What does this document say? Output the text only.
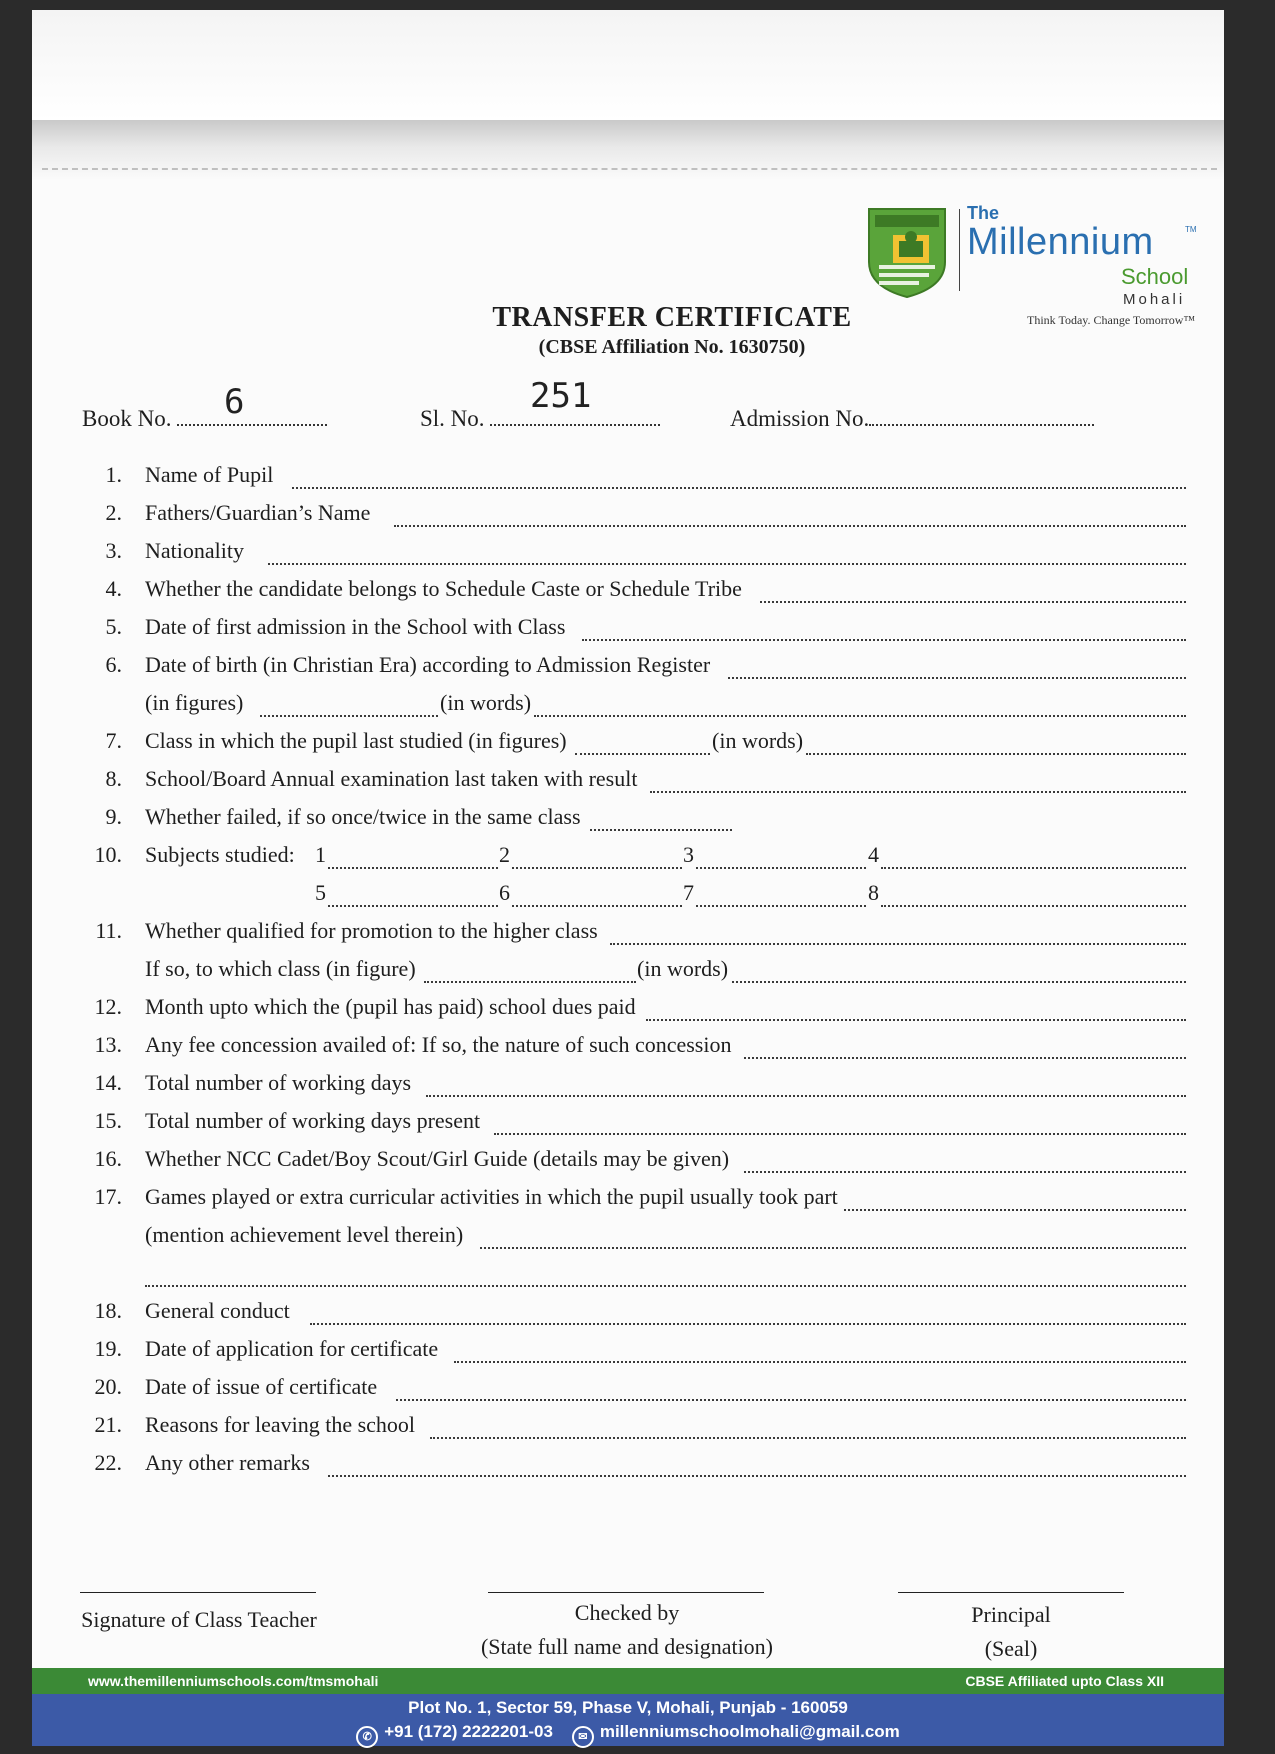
The
Millennium	TM
School
Mohali
Think Today. Change Tomorrow™
TRANSFER CERTIFICATE
(CBSE Affiliation No. 1630750)
Book No.	6	Sl. No.
251
Admission No.
1. Name of Pupil
2. Fathers/Guardian’s Name
3. Nationality
4. Whether the candidate belongs to Schedule Caste or Schedule Tribe
5. Date of first admission in the School with Class
6. Date of birth (in Christian Era) according to Admission Register
(in figures)	(in words)
7. Class in which the pupil last studied (in figures)	(in words)
8. School/Board Annual examination last taken with result
9. Whether failed, if so once/twice in the same class
10. Subjects studied: 1	2	3	4
5	6	7	8
11. Whether qualified for promotion to the higher class
If so, to which class (in figure)	(in words)
12. Month upto which the (pupil has paid) school dues paid
13. Any fee concession availed of: If so, the nature of such concession
14. Total number of working days
15. Total number of working days present
16. Whether NCC Cadet/Boy Scout/Girl Guide (details may be given)
17. Games played or extra curricular activities in which the pupil usually took part
(mention achievement level therein)
18. General conduct
19. Date of application for certificate
20. Date of issue of certificate
21. Reasons for leaving the school
22. Any other remarks
Signature of Class Teacher	Checked by
(State full name and designation)
Principal
(Seal)
www.themillenniumschools.com/tmsmohali	CBSE Affiliated upto Class XII
Plot No. 1, Sector 59, Phase V, Mohali, Punjab - 160059
✆ +91 (172) 2222201-03 ✉ millenniumschoolmohali@gmail.com
